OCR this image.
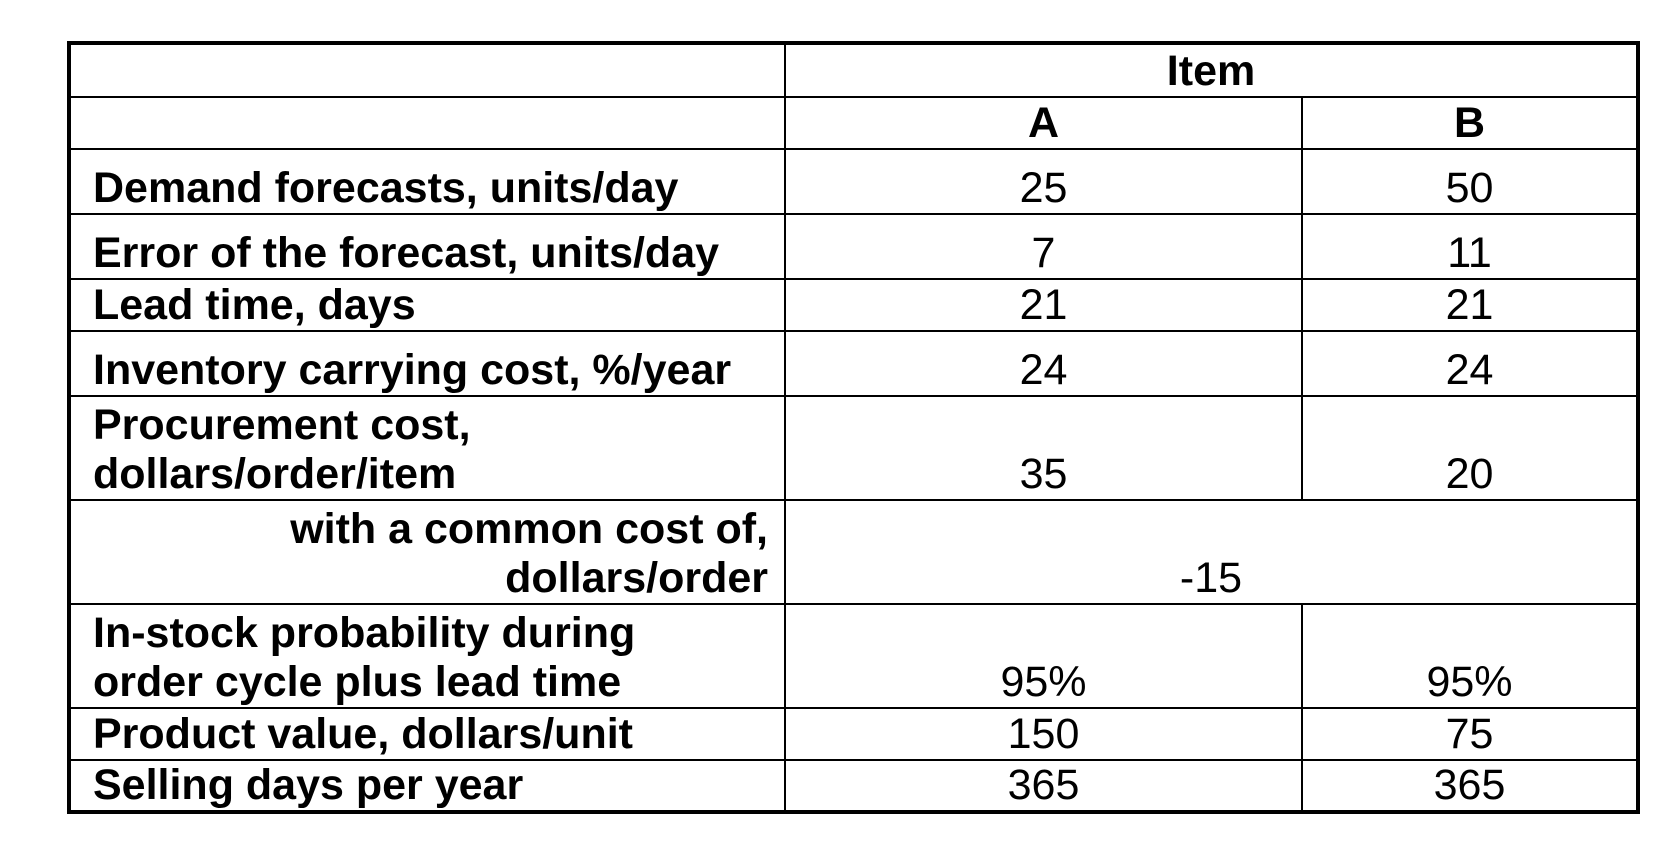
	Item	
	A	B
Demand forecasts, units/day	25	50
Error of the forecast, units/day	7	11
Lead time, days	21	21
Inventory carrying cost, %/year	24	24

Procurement cost,
dollars/order/item	35	20

with a common cost of,
dollars/order	-15	

In-stock probability during
order cycle plus lead time	95%	95%
Product value, dollars/unit	150	75
Selling days per year	365	365
